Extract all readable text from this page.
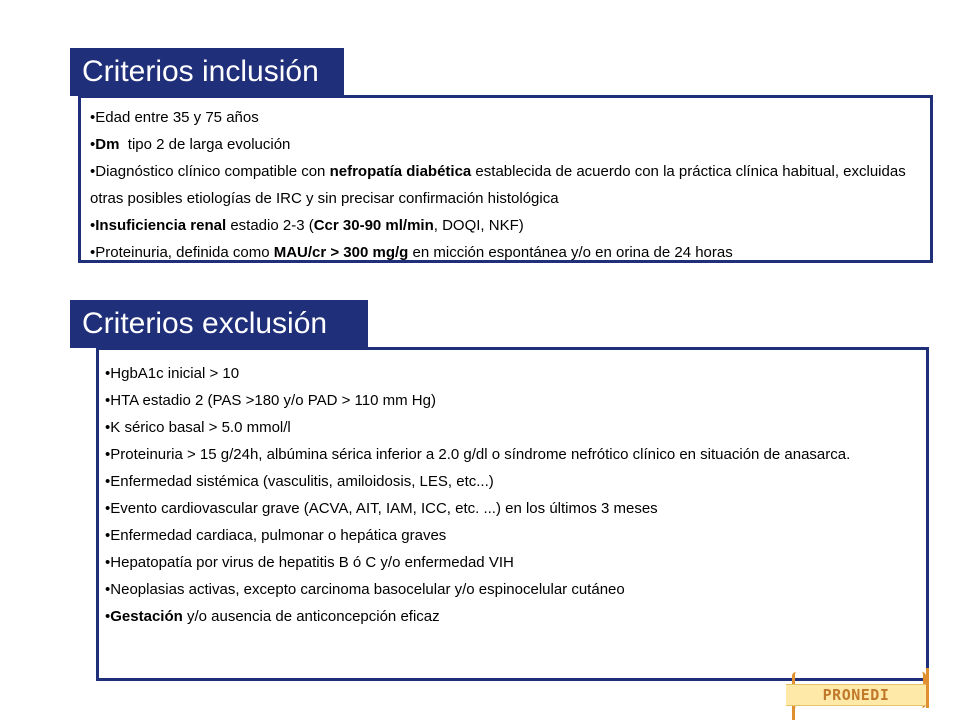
Criterios inclusión
•Edad entre 35 y 75 años
•Dm  tipo 2 de larga evolución
•Diagnóstico clínico compatible con nefropatía diabética establecida de acuerdo con la práctica clínica habitual, excluidas otras posibles etiologías de IRC y sin precisar confirmación histológica
•Insuficiencia renal estadio 2-3 (Ccr 30-90 ml/min, DOQI, NKF)
•Proteinuria, definida como MAU/cr > 300 mg/g en micción espontánea y/o en orina de 24 horas
Criterios exclusión
•HgbA1c inicial > 10
•HTA estadio 2 (PAS >180 y/o PAD > 110 mm Hg)
•K sérico basal > 5.0 mmol/l
•Proteinuria > 15 g/24h, albúmina sérica inferior a 2.0 g/dl o síndrome nefrótico clínico en situación de anasarca.
•Enfermedad sistémica (vasculitis, amiloidosis, LES, etc...)
•Evento cardiovascular grave (ACVA, AIT, IAM, ICC, etc. ...) en los últimos 3 meses
•Enfermedad cardiaca, pulmonar o hepática graves
•Hepatopatía por virus de hepatitis B ó C y/o enfermedad VIH
•Neoplasias activas, excepto carcinoma basocelular y/o espinocelular cutáneo
•Gestación y/o ausencia de anticoncepción eficaz
PRONEDI
